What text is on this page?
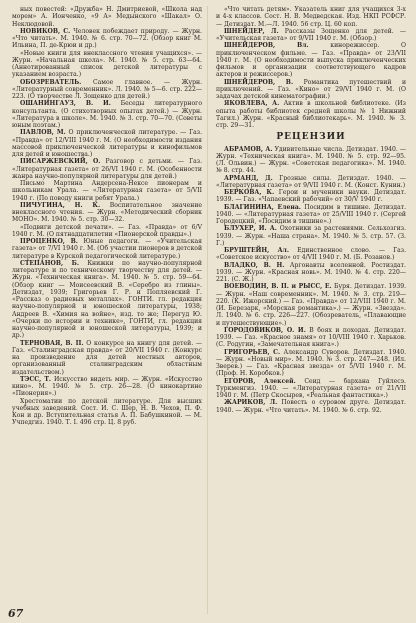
ных повестей: «Дружба» Н. Дмитриевой, «Школа над морем» А. Ионченко, «9 А» Медынского «Шакал» О. Неклюдовой.

НОВИКОВ, С. Человек побеждает природу. — Журн. «Что читать». М. 1940. № 6. стр. 70—72. (Обзор книг М. Ильина, П. де-Крюи и др.)

«Новые книги для внеклассного чтения учащихся». — Журн. «Начальная школа». М. 1940. № 5. стр. 63—64. (Аннотированный список детской литературы с указанием возраста.)

ОБОЗРЕВАТЕЛЬ. Самое главное. — Журн. «Литературный современник». Л. 1940. № 5—6. стр. 222—223. (О творчестве Л. Зощенко для детей.)

ОШАНИНГАУЗ, В. И. Беседы литературного консультанта. (О стихотворных опытах детей.) — Журн. «Литература в школе». М. 1940. № 3. стр. 70—70. (Советы юным поэтам.)

ПАВЛОВ, М. О приключенческой литературе. — Газ. «Правда» от 12/VIII 1940 г. М. (О необходимости издания массовой приключенческой литературы и кинофильмов для детей и юношества.)

ПИСАРЖЕВСКИЙ, О. Разговор с детьми. — Газ. «Литературная газета» от 26/VI 1940 г. М. (Особенности жанра научно-популярной литературы для детей.)

Письмо Мартина Андерсена-Нексе пионерам и школьникам Урала. — «Литературная газета» от 5/VII 1940 г. (По поводу книги ребят Урала.)

ПИЧУГИНА, Н. К. Воспитательное значение внеклассного чтения. — Журн. «Методический сборник МОНО». М. 1940. № 5. стр. 30—32.

«Подвиги детской печати». — Газ. «Правда» от 6/V 1940 г. М. (О пятнадцатилетии «Пионерской правды».)

ПРОЦЕНКО, В. Юные педагоги. — «Учительская газета» от 7/VI 1940 г. М. (Об участии пионеров в детской литературе в Курской педагогической литературе.)

СТЕПАНОВ, Б. Книжки по научно-популярной литературе и по техническому творчеству для детей. — Журн. «Техническая книга». М. 1940. № 5. стр. 59—64. (Обзор книг — Моисеевский В. «Серебро из глины». Детиздат, 1939; Григорьев Г. Р. и Попляевский Г. «Рассказ о радиевых металлах». ГОНТИ. гл. редакция научно-популярной и юношеской литературы, 1938; Андреев В. «Химия на войне», изд. то же; Перегуд Ю. «Очерки по истории и технике», ГОНТИ, гл. редакция научно-популярной и юношеской литературы, 1939; и др.)

ТЕРНОВАЯ, В. П. О конкурсе на книгу для детей. — Газ. «Сталинградская правда» от 20/VII 1940 г. (Конкурс на произведение для детей местных авторов, организованный сталинградским областным издательством.)

ТЭСС, Т. Искусство видеть мир. — Журн. «Искусство кино». М. 1940. № 5. стр. 26—28. (О кинокартине «Пионерия».)

Хрестоматии по детской литературе. Для высших учебных заведений. Сост. И. С. Шер, Н. В. Чехов, П. Ф. Кон и др. Вступительная статья А. П. Бабушкиной. — М. Учпедгиз. 1940. Т. I. 496 стр. Ц. 8 руб.

«Что читать детям». Указатель книг для учащихся 3-х и 4-х классов. Сост. Н. В. Медведская. Изд. НКП РСФСР. — Детиздат. М.—Л. 1940. 56 стр. Ц. 60 коп.

ШНЕЙДЕР, Л. Рассказы Зощенко для детей. — «Учительская газета» от 9/VII 1940 г. М. (Обзор.)

ШНЕЙДЕРОВ, Вл.	кинорежиссер. О приключенческом фильме. — Газ. «Правда» от 23/VII 1940 г. М. (О необходимости выпуска приключенческих фильмов и организации соответствующего кадров актеров и режиссеров.)

ШНЕЙДЕРОВ, В. Романтика путешествий и приключений. — Газ. «Кино» от 29/VI 1940 г. М. (О задачах детской кинематографии.)

ЯКОВЛЕВА, А. Актив в школьной библиотеке. (Из опыта работы библиотек средней школы № 1 Нижний Тагил.) Журн. «Красный библиотекарь». М. 1940. № 3. стр. 29—31.

РЕЦЕНЗИИ

АБРАМОВ, А. Удивительные числа. Детиздат. 1940. — Журн. «Техническая книга». М. 1940. № 5. стр. 92—95. (Л. Ольвин.) — Журн. «Советская педагогика». М. 1940. № 8. стр. 44.

АРМАНД, Д. Грозные силы. Детиздат. 1940. — «Литературная газета» от 9/VII 1940 г. М. (Конст. Кунин.)

БЕРКОВА, К. Герои и мученики науки. Детиздат. 1939. — Газ. «Чапаевский рабочий» от 30/V 1940 г.

БЛАГИНИНА, Елена. Посидим в тишине. Детиздат. 1940. — «Литературная газета» от 25/VIII 1940 г. (Сергей Городецкий, «Посидим в тишине».)

БЛУХЕР, И. А. Охотники за растениями. Сельхозгиз. 1939. — Журн. «Наша страна». М. 1940. № 5. стр. 57. (З. Г.)

БРУШТЕЙН, Ал. Единственное слово. — Газ. «Советское искусство» от 4/VII 1940 г. М. (Б. Розанов.)

ВЛАДКО, В. Н. Аргонавты вселенной. Ростиздат. 1939. — Журн. «Красная новь». М. 1940. № 4. стр. 220—221. (С. Ж.)

ВОЕВОДИН, В. П. и РЫСС, Е. Буря. Детиздат. 1939. — Журн. «Наш современник». М. 1940. № 3. стр. 219—220. (К. Ижорский.) — Газ. «Правда» от 12/VIII 1940 г. М. (И. Березарк, «Морская романтика».) — Журн. «Звезда». Л. 1940. № 6. стр. 226—227. (Обозреватель, «Плавающие и путешествующие».)

ГОРОДОВИКОВ, О. И. В боях и походах. Детиздат. 1939. — Газ. «Красное знамя» от 10/VIII 1940 г. Харьков. (С. Родугин, «Замечательная книга».)

ГРИГОРЬЕВ, С. Александр Суворов. Детиздат. 1940. — Журн. «Новый мир». М. 1940. № 3. стр. 247—248. (Ил. Зверев.) — Газ. «Красная звезда» от 5/VII 1940 г. М. (Проф. Н. Коробков.)

ЕГОРОВ, Алексей. Сеид — бархана Гуйлесэ. Туркменгиз. 1940. — «Литературная газета» от 21/VII 1940 г. М. (Петр Скосырев, «Реальная фантастика».)

ЖАРИКОВ, Л. Повесть о суровом друге. Детиздат. 1940. — Журн. «Что читать». М. 1940. № 6. стр. 92.

67
